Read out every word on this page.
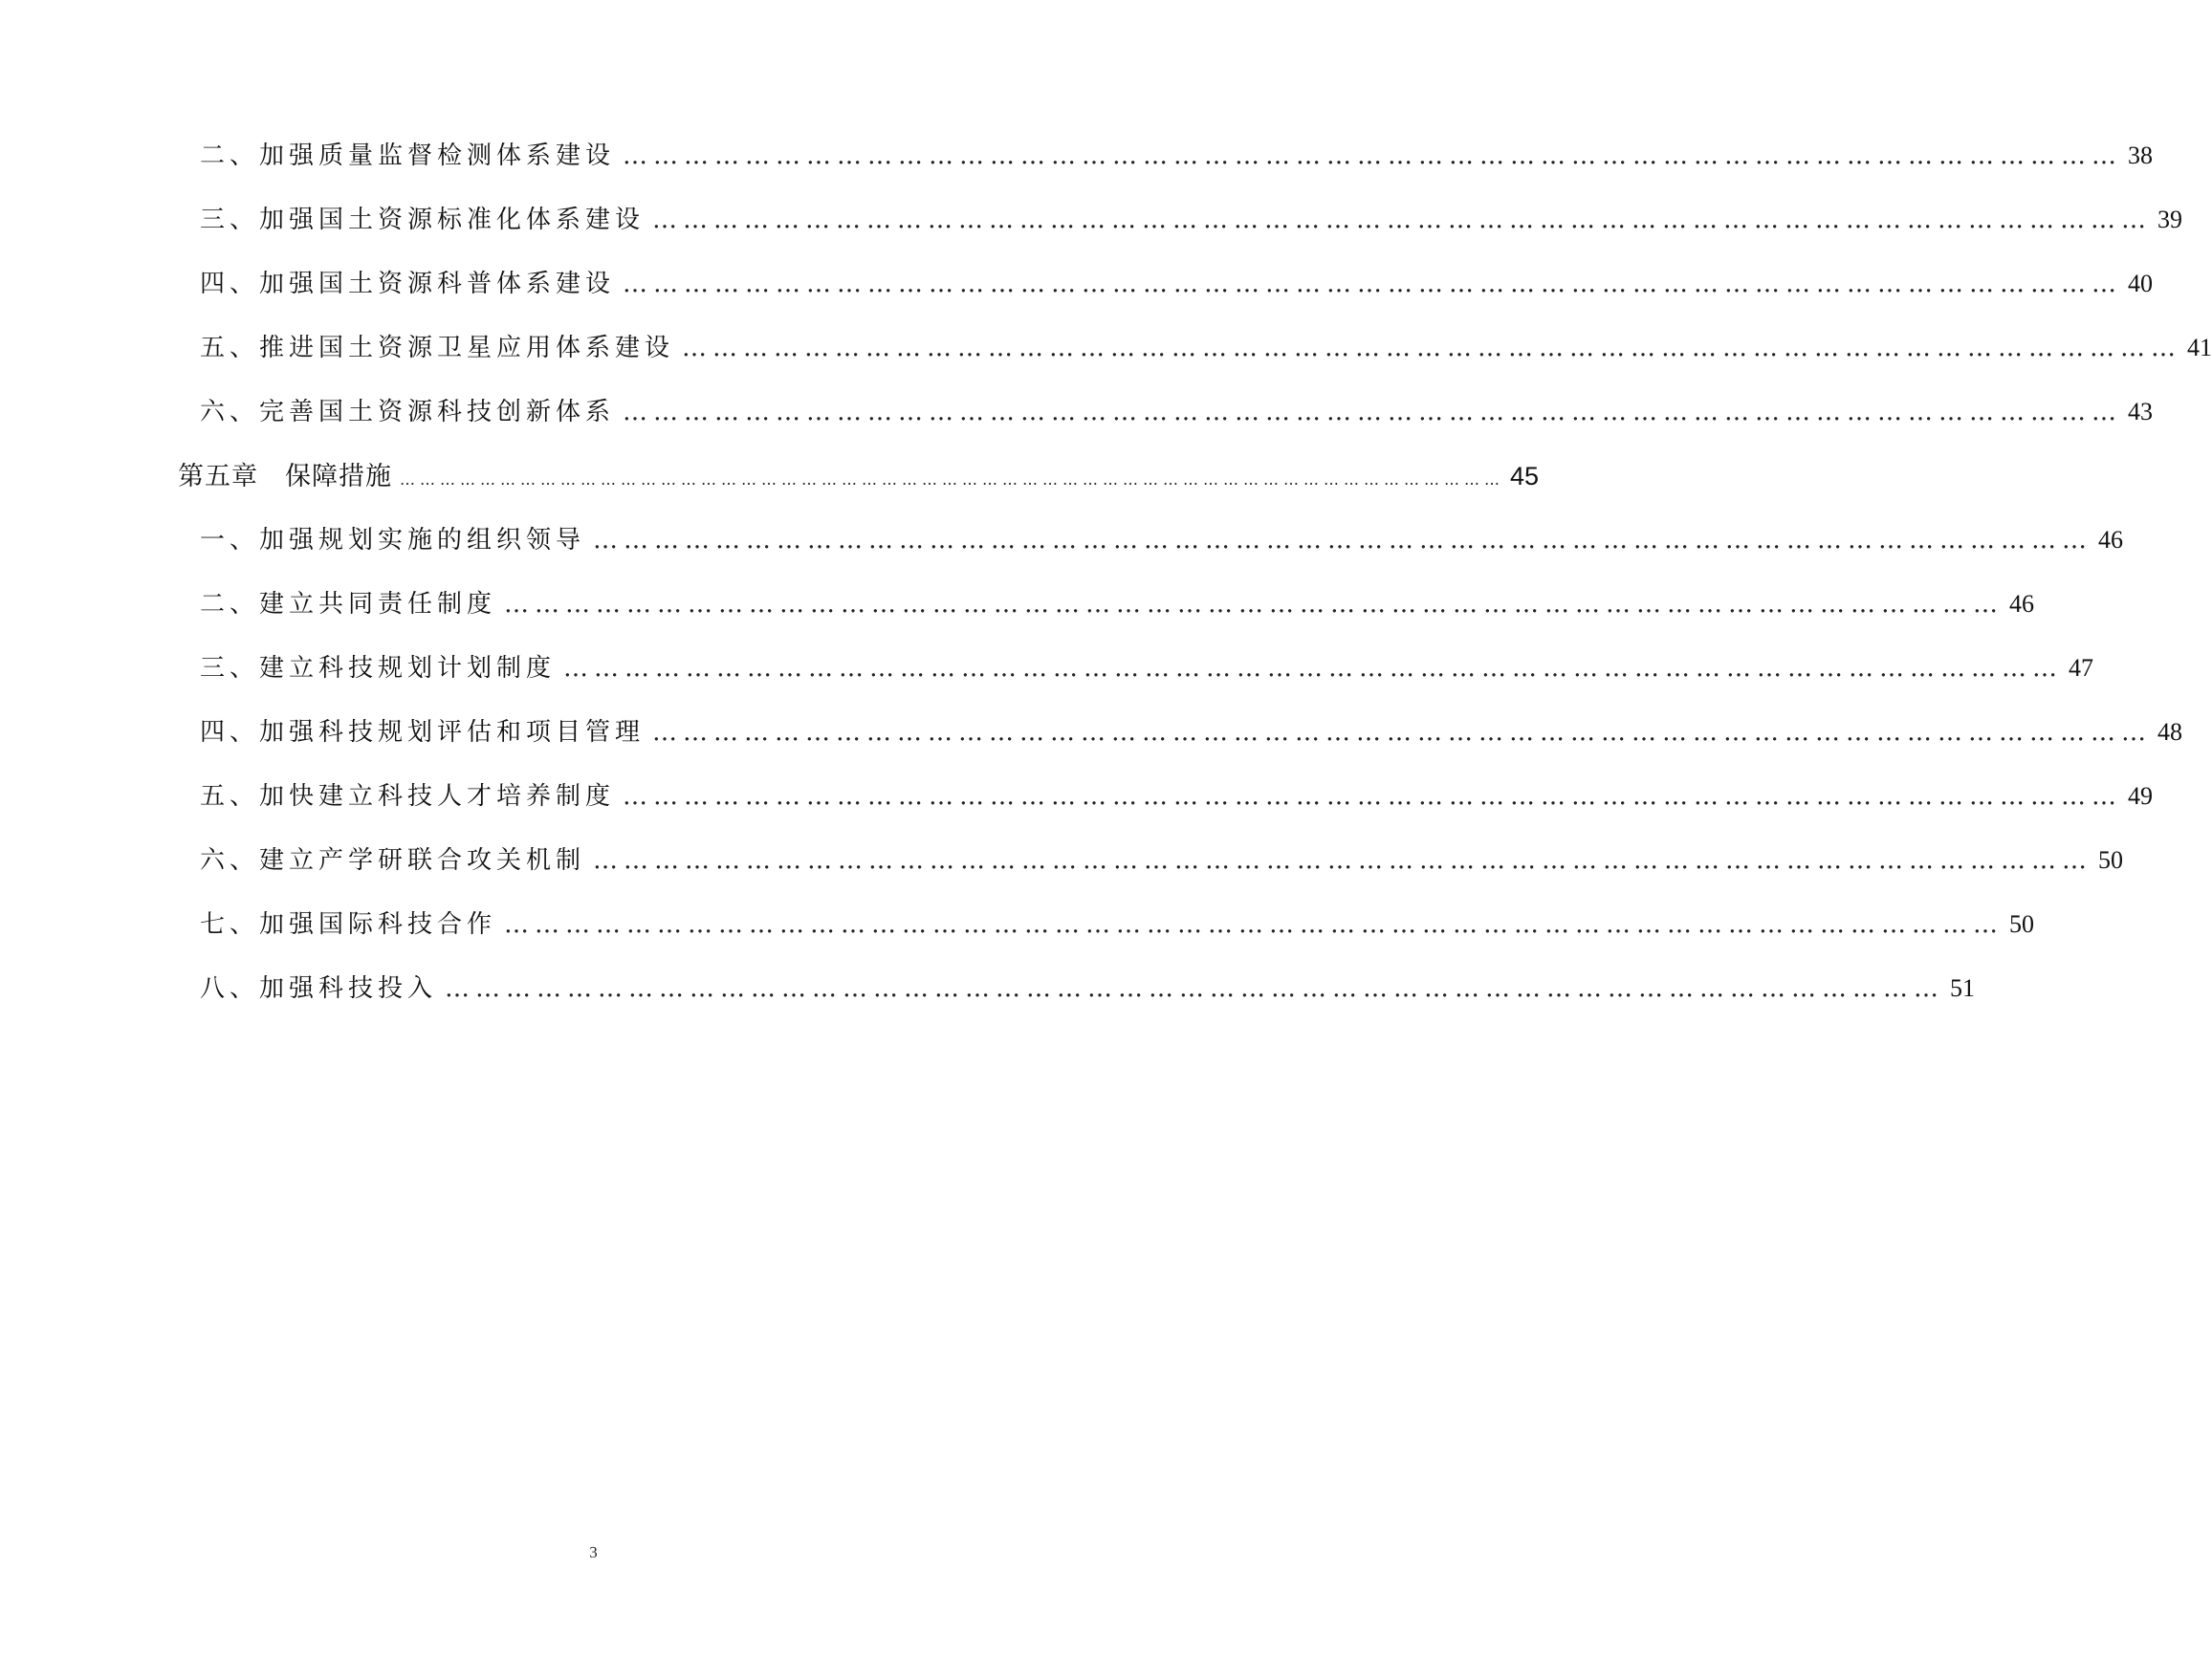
二、加强质量监督检测体系建设 ………………………………………………………………………………………………………………………………… 38
三、加强国土资源标准化体系建设 ………………………………………………………………………………………………………………………………… 39
四、加强国土资源科普体系建设 ………………………………………………………………………………………………………………………………… 40
五、推进国土资源卫星应用体系建设 ………………………………………………………………………………………………………………………………… 41
六、完善国土资源科技创新体系 ………………………………………………………………………………………………………………………………… 43
第五章 保障措施 ………………………………………………………………………………………………………………………………………………… 45
一、加强规划实施的组织领导 ………………………………………………………………………………………………………………………………… 46
二、建立共同责任制度 ………………………………………………………………………………………………………………………………… 46
三、建立科技规划计划制度 ………………………………………………………………………………………………………………………………… 47
四、加强科技规划评估和项目管理 ………………………………………………………………………………………………………………………………… 48
五、加快建立科技人才培养制度 ………………………………………………………………………………………………………………………………… 49
六、建立产学研联合攻关机制 ………………………………………………………………………………………………………………………………… 50
七、加强国际科技合作 ………………………………………………………………………………………………………………………………… 50
八、加强科技投入 ………………………………………………………………………………………………………………………………… 51
3
